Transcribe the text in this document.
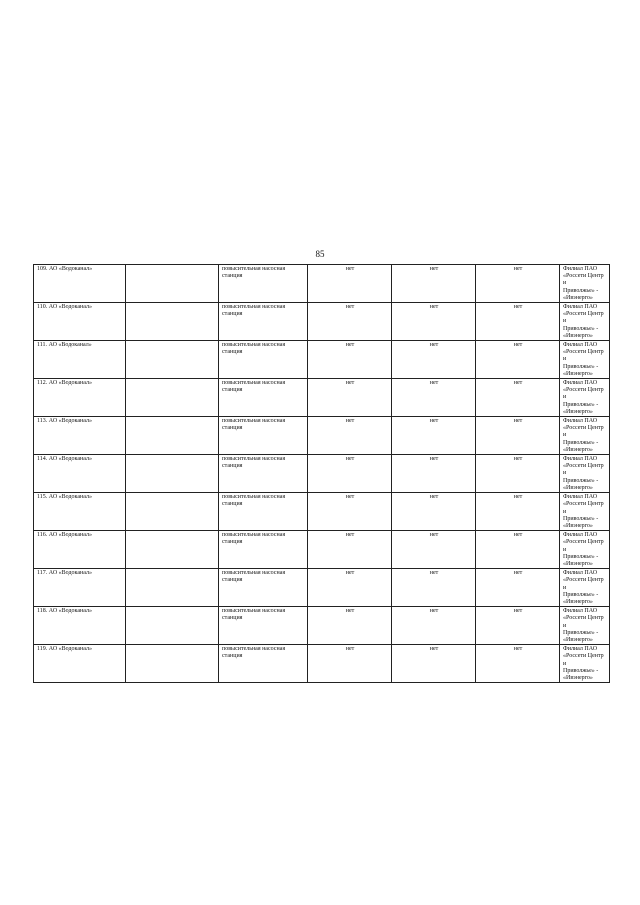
85
109. АО «Водоканал»		повысительная насосная станция	нет	нет	нет	Филиал ПАО
«Россети Центр и
Приволжье» -
«Ивэнерго»
110. АО «Водоканал»		повысительная насосная станция	нет	нет	нет	Филиал ПАО
«Россети Центр и
Приволжье» -
«Ивэнерго»
111. АО «Водоканал»		повысительная насосная станция	нет	нет	нет	Филиал ПАО
«Россети Центр и
Приволжье» -
«Ивэнерго»
112. АО «Водоканал»		повысительная насосная станция	нет	нет	нет	Филиал ПАО
«Россети Центр и
Приволжье» -
«Ивэнерго»
113. АО «Водоканал»		повысительная насосная станция	нет	нет	нет	Филиал ПАО
«Россети Центр и
Приволжье» -
«Ивэнерго»
114. АО «Водоканал»		повысительная насосная станция	нет	нет	нет	Филиал ПАО
«Россети Центр и
Приволжье» -
«Ивэнерго»
115. АО «Водоканал»		повысительная насосная станция	нет	нет	нет	Филиал ПАО
«Россети Центр и
Приволжье» -
«Ивэнерго»
116. АО «Водоканал»		повысительная насосная станция	нет	нет	нет	Филиал ПАО
«Россети Центр и
Приволжье» -
«Ивэнерго»
117. АО «Водоканал»		повысительная насосная станция	нет	нет	нет	Филиал ПАО
«Россети Центр и
Приволжье» -
«Ивэнерго»
118. АО «Водоканал»		повысительная насосная станция	нет	нет	нет	Филиал ПАО
«Россети Центр и
Приволжье» -
«Ивэнерго»
119. АО «Водоканал»		повысительная насосная станция	нет	нет	нет	Филиал ПАО
«Россети Центр и
Приволжье» -
«Ивэнерго»
